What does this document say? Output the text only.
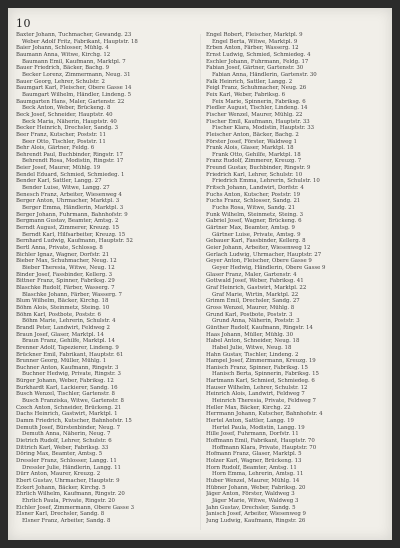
10

Baxter Johann, Tuchmacher, Gewandg. 23

Weber Adolf Fritz, Fabrikant, Hauptstr. 18

Baier Johann, Schlosser, Mühlg. 4

Baumann Anna, Witwe, Kirchg. 12

Baumann Emil, Kaufmann, Marktpl. 7

Bauer Friedrich, Bäcker, Bachg. 9

Becker Lorenz, Zimmermann, Neug. 31

Bauer Georg, Lehrer, Schulstr. 2

Baumgart Karl, Fleischer, Obere Gasse 14

Baumgart Wilhelm, Händler, Lindeng. 5

Baumgarten Hans, Maler, Gartenstr. 22

Beck Anton, Weber, Brückeng. 8

Beck Josef, Schneider, Hauptstr. 40

Beck Maria, Näherin, Hauptstr. 40

Becker Heinrich, Drechsler, Sandg. 3

Beer Franz, Kutscher, Poststr. 11

Beer Otto, Tischler, Poststr. 11

Behr Alois, Gärtner, Feldg. 6

Behrendt Paul, Buchbinder, Ringstr. 17

Behrendt Rosa, Modistin, Ringstr. 17

Beier Josef, Maurer, Mühlg. 19

Bendel Eduard, Schmied, Schmiedeg. 1

Bender Karl, Sattler, Langg. 27

Bender Luise, Witwe, Langg. 27

Benesch Franz, Arbeiter, Wiesenweg 4

Berger Anton, Uhrmacher, Marktpl. 3

Berger Emma, Händlerin, Marktpl. 3

Berger Johann, Fuhrmann, Bahnhofstr. 9

Bergmann Gustav, Beamter, Amtsg. 2

Berndt August, Zimmerer, Kreuzg. 15

Berndt Karl, Hilfsarbeiter, Kreuzg. 15

Bernhard Ludwig, Kaufmann, Hauptstr. 52

Bertl Anna, Private, Schlossg. 8

Bichler Ignaz, Wagner, Dorfstr. 21

Bieber Max, Schuhmacher, Neug. 12

Bieber Theresia, Witwe, Neug. 12

Binder Josef, Fassbinder, Kellerg. 3

Bittner Franz, Spinner, Fabriksg. 29

Blaschke Rudolf, Färber, Wasserg. 7

Blaschke Johann, Färber, Wasserg. 7

Blum Wilhelm, Bäcker, Kirchg. 18

Böhm Alois, Steinmetz, Steing. 10

Böhm Karl, Postbote, Poststr. 6

Böhm Marie, Lehrerin, Schulstr. 4

Brandl Peter, Landwirt, Feldweg 2

Braun Josef, Glaser, Marktpl. 14

Braun Franz, Gehilfe, Marktpl. 14

Brenner Adolf, Tapezierer, Lindeng. 9

Brückner Emil, Fabrikant, Hauptstr. 61

Brunner Georg, Müller, Mühlg. 1

Buchner Anton, Kaufmann, Ringstr. 3

Buchner Hedwig, Private, Ringstr. 3

Bürger Johann, Weber, Fabriksg. 12

Burkhardt Karl, Lackierer, Sandg. 16

Busch Wenzel, Tischler, Gartenstr. 8

Busch Franziska, Witwe, Gartenstr. 8

Czech Anton, Schneider, Brückeng. 21

Dachs Heinrich, Gastwirt, Marktpl. 1

Damm Friedrich, Kutscher, Bahnhofstr. 15

Demuth Josef, Bürstenbinder, Neug. 7

Demuth Anna, Näherin, Neug. 7

Dietrich Rudolf, Lehrer, Schulstr. 6

Dittrich Karl, Weber, Fabriksg. 33

Döring Max, Beamter, Amtsg. 5

Dressler Franz, Schlosser, Langg. 11

Dressler Julie, Händlerin, Langg. 11

Dürr Anton, Maurer, Kreuzg. 2

Ebert Gustav, Uhrmacher, Hauptstr. 9

Eckert Johann, Bäcker, Kirchg. 5

Ehrlich Wilhelm, Kaufmann, Ringstr. 20

Ehrlich Paula, Private, Ringstr. 20

Eichler Josef, Zimmermann, Obere Gasse 3

Elsner Karl, Drechsler, Sandg. 8

Elsner Franz, Arbeiter, Sandg. 8

Engel Robert, Fleischer, Marktpl. 9

Engel Berta, Witwe, Marktpl. 9

Erben Anton, Färber, Wasserg. 12

Ernst Ludwig, Schmied, Schmiedeg. 4

Eschler Johann, Fuhrmann, Feldg. 17

Fabian Josef, Gärtner, Gartenstr. 30

Fabian Anna, Händlerin, Gartenstr. 30

Falk Heinrich, Sattler, Langg. 2

Feigl Franz, Schuhmacher, Neug. 26

Feix Karl, Weber, Fabriksg. 6

Feix Marie, Spinnerin, Fabriksg. 6

Fiedler August, Tischler, Lindeng. 14

Fischer Wenzel, Maurer, Mühlg. 22

Fischer Emil, Kaufmann, Hauptstr. 33

Fischer Klara, Modistin, Hauptstr. 33

Fleischer Anton, Bäcker, Bachg. 2

Förster Josef, Förster, Waldweg 1

Frank Alois, Glaser, Marktpl. 18

Frank Otto, Gehilfe, Marktpl. 18

Franz Rudolf, Zimmerer, Kreuzg. 7

Freund Gustav, Buchbinder, Ringstr. 9

Friedrich Karl, Lehrer, Schulstr. 10

Friedrich Emma, Lehrerin, Schulstr. 10

Fritsch Johann, Landwirt, Dorfstr. 4

Fuchs Anton, Kutscher, Poststr. 19

Fuchs Franz, Schlosser, Sandg. 21

Fuchs Rosa, Witwe, Sandg. 21

Funk Wilhelm, Steinmetz, Steing. 3

Gabriel Josef, Wagner, Brückeng. 6

Gärtner Max, Beamter, Amtsg. 9

Gärtner Luise, Private, Amtsg. 9

Gebauer Karl, Fassbinder, Kellerg. 8

Geier Johann, Arbeiter, Wiesenweg 12

Gerlach Ludwig, Uhrmacher, Hauptstr. 27

Geyer Anton, Fleischer, Obere Gasse 9

Geyer Hedwig, Händlerin, Obere Gasse 9

Glaser Franz, Maler, Gartenstr. 4

Gottwald Josef, Weber, Fabriksg. 41

Graf Heinrich, Gastwirt, Marktpl. 22

Graf Marie, Wirtin, Marktpl. 22

Grimm Emil, Drechsler, Sandg. 27

Gross Wenzel, Maurer, Mühlg. 8

Grund Karl, Postbote, Poststr. 3

Grund Anna, Näherin, Poststr. 3

Günther Rudolf, Kaufmann, Ringstr. 14

Haas Johann, Müller, Mühlg. 30

Habel Anton, Schneider, Neug. 18

Habel Julie, Witwe, Neug. 18

Hahn Gustav, Tischler, Lindeng. 2

Hampel Josef, Zimmermann, Kreuzg. 19

Hanisch Franz, Spinner, Fabriksg. 15

Hanisch Berta, Spinnerin, Fabriksg. 15

Hartmann Karl, Schmied, Schmiedeg. 6

Hauser Wilhelm, Lehrer, Schulstr. 12

Heinrich Alois, Landwirt, Feldweg 7

Heinrich Theresia, Private, Feldweg 7

Heller Max, Bäcker, Kirchg. 22

Herrmann Johann, Kutscher, Bahnhofstr. 4

Hertel Anton, Sattler, Langg. 19

Hertel Paula, Modistin, Langg. 19

Hille Josef, Fuhrmann, Dorfstr. 11

Hoffmann Emil, Fabrikant, Hauptstr. 70

Hoffmann Klara, Private, Hauptstr. 70

Hofmann Franz, Glaser, Marktpl. 5

Holzer Karl, Wagner, Brückeng. 13

Horn Rudolf, Beamter, Amtsg. 11

Horn Emma, Lehrerin, Amtsg. 11

Huber Wenzel, Maurer, Mühlg. 14

Hübner Johann, Weber, Fabriksg. 20

Jäger Anton, Förster, Waldweg 3

Jäger Marie, Witwe, Waldweg 3

Jahn Gustav, Drechsler, Sandg. 5

Janisch Josef, Arbeiter, Wiesenweg 9

Jung Ludwig, Kaufmann, Ringstr. 26
